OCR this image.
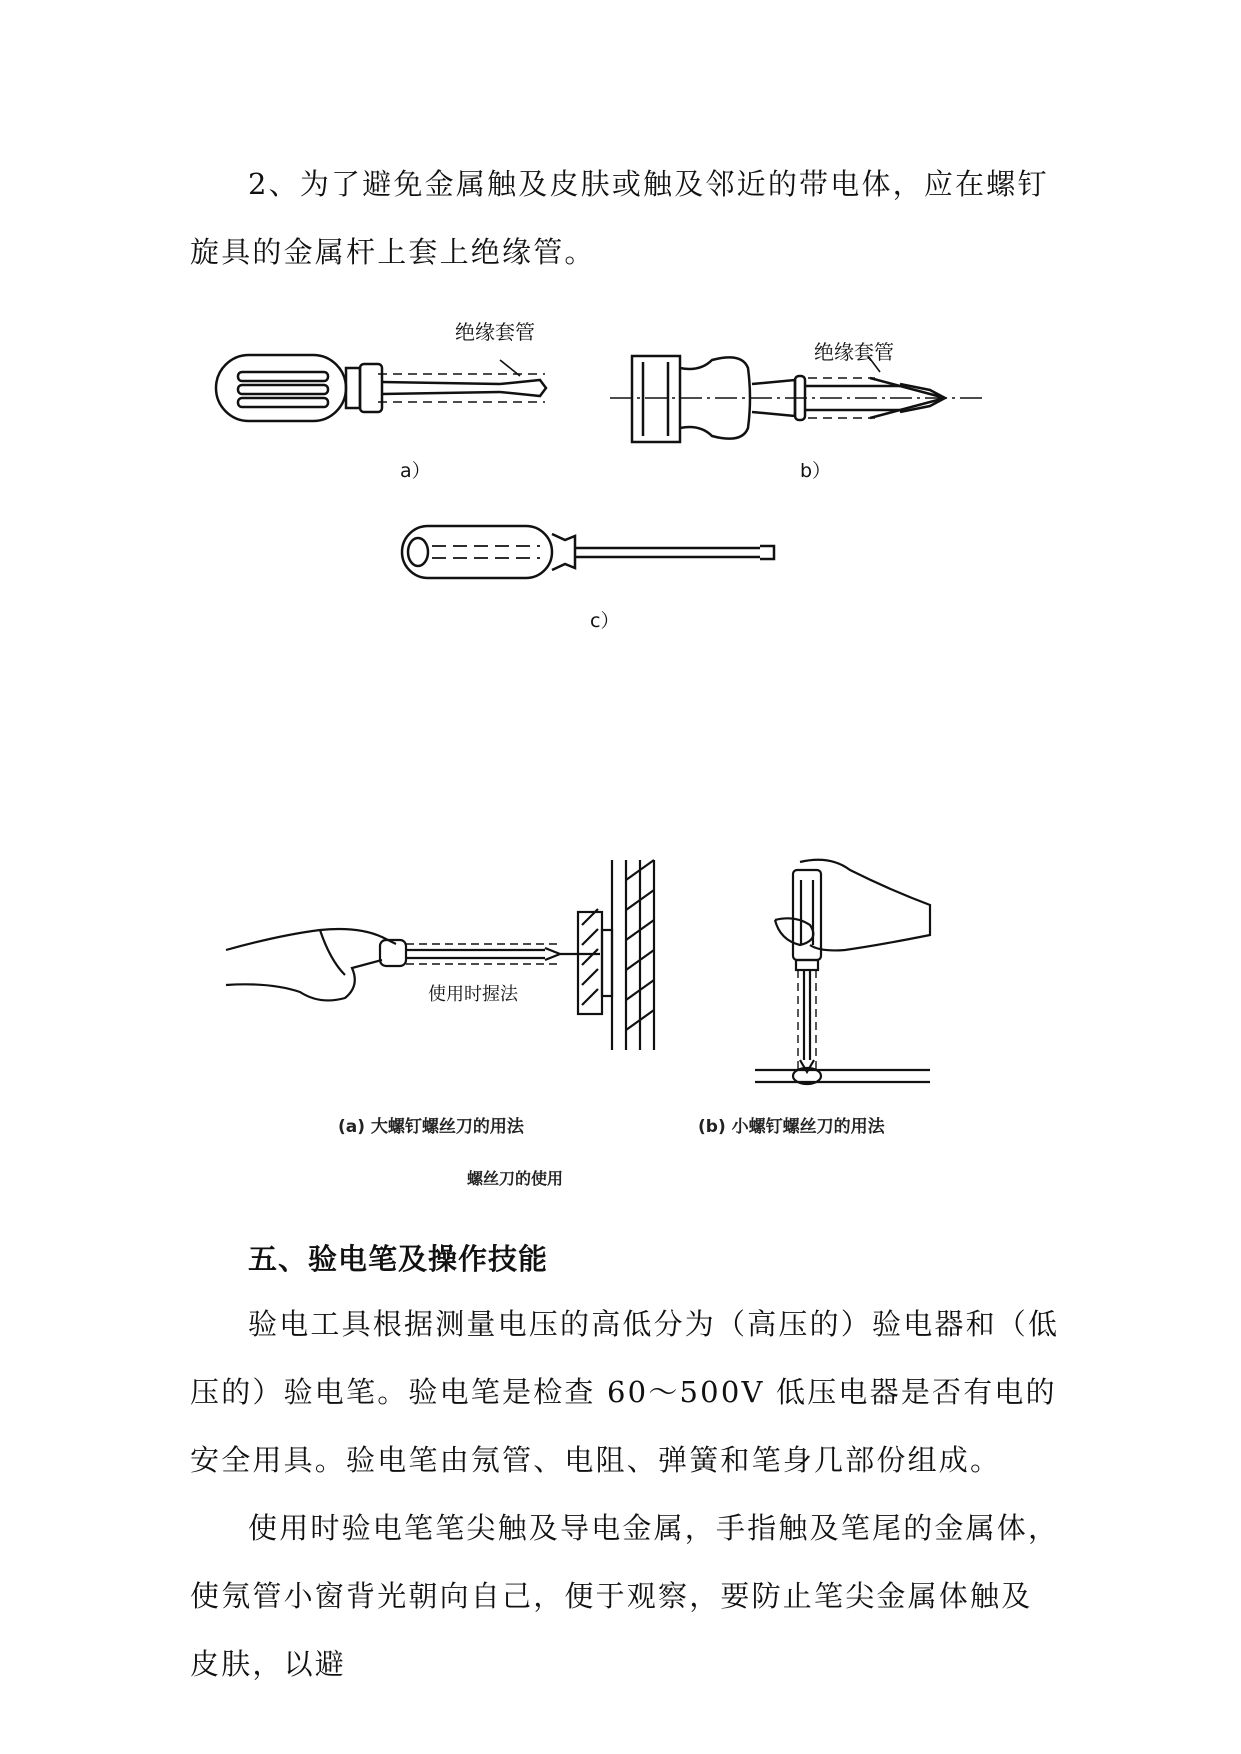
2、为了避免金属触及皮肤或触及邻近的带电体，应在螺钉旋具的金属杆上套上绝缘管。

绝缘套管
绝缘套管
a）	b）
c）
使用时握法
(a) 大螺钉螺丝刀的用法	(b) 小螺钉螺丝刀的用法
螺丝刀的使用
五、验电笔及操作技能

验电工具根据测量电压的高低分为（高压的）验电器和（低压的）验电笔。验电笔是检查 60～500V 低压电器是否有电的安全用具。验电笔由氖管、电阻、弹簧和笔身几部份组成。

使用时验电笔笔尖触及导电金属，手指触及笔尾的金属体，使氖管小窗背光朝向自己，便于观察，要防止笔尖金属体触及皮肤，以避
